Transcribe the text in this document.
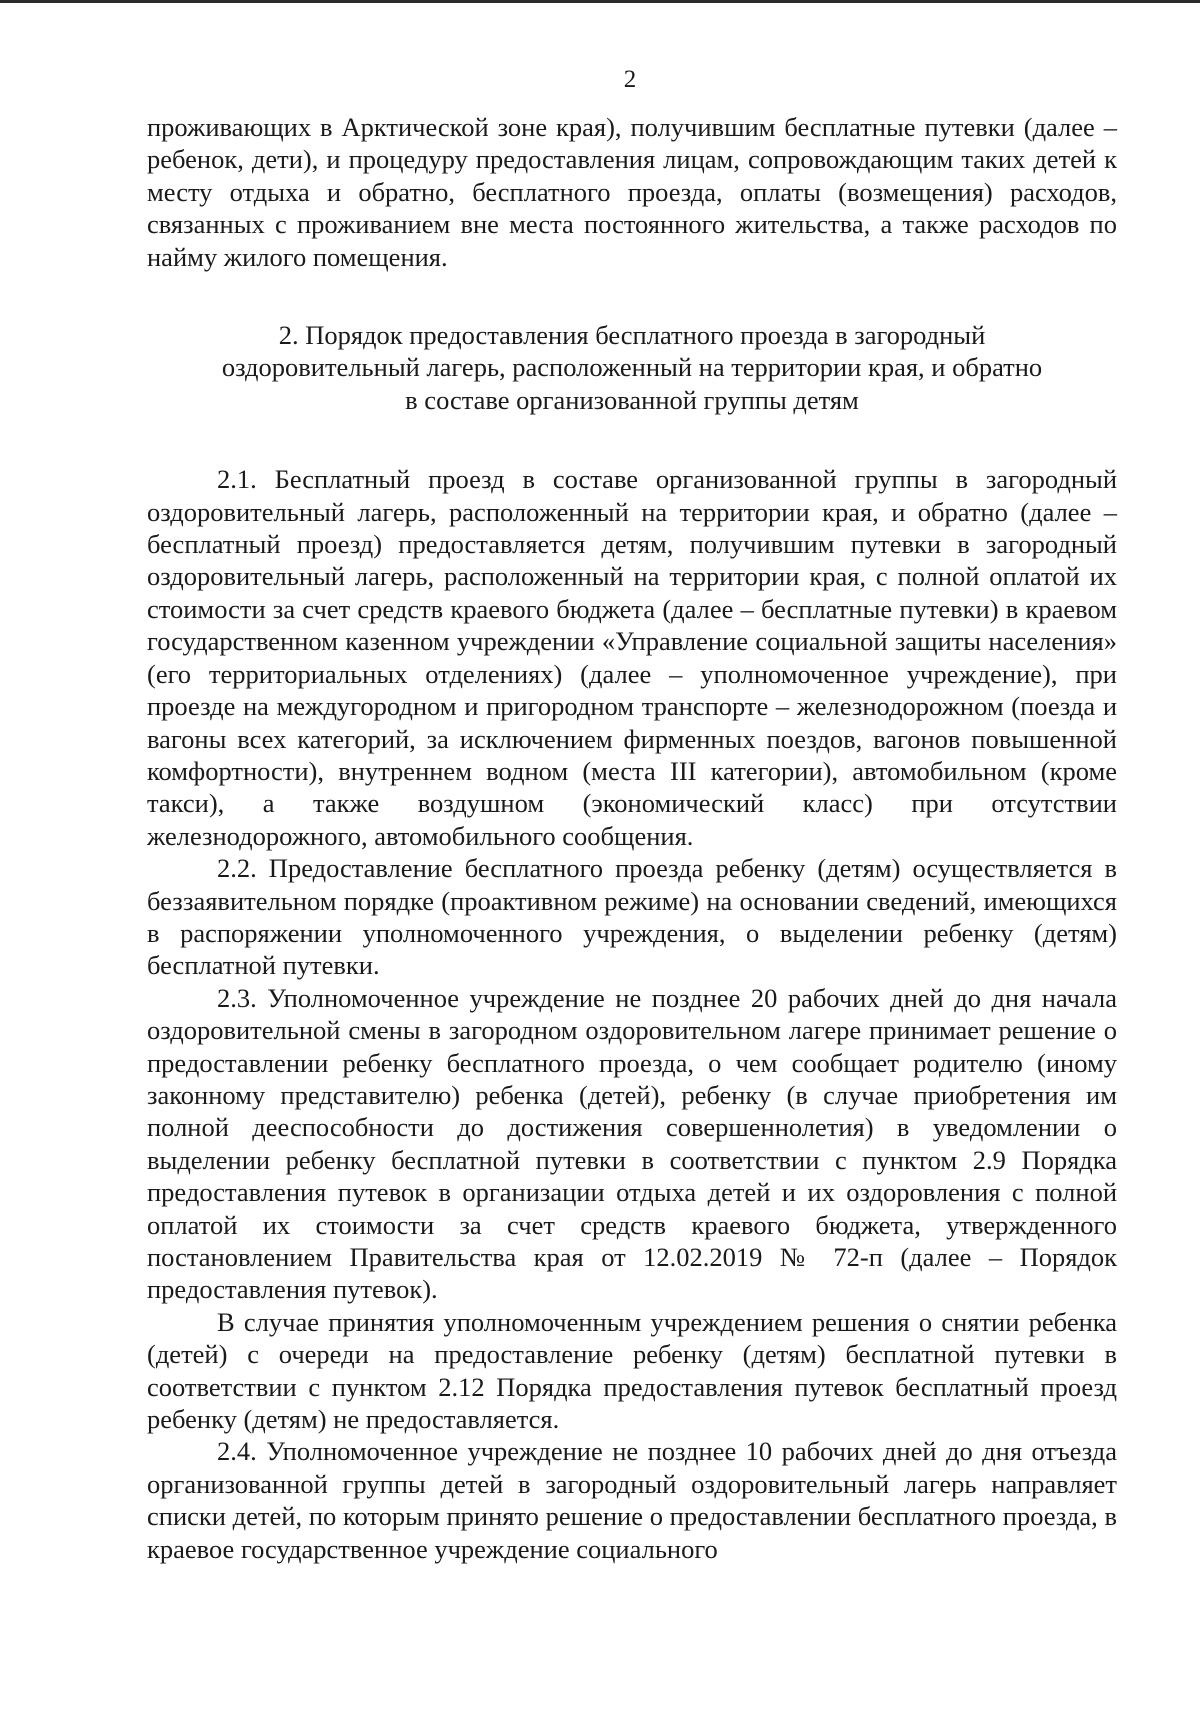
2

проживающих в Арктической зоне края), получившим бесплатные путевки (далее – ребенок, дети), и процедуру предоставления лицам, сопровождающим таких детей к месту отдыха и обратно, бесплатного проезда, оплаты (возмещения) расходов, связанных с проживанием вне места постоянного жительства, а также расходов по найму жилого помещения.

2. Порядок предоставления бесплатного проезда в загородный
оздоровительный лагерь, расположенный на территории края, и обратно
в составе организованной группы детям

2.1. Бесплатный проезд в составе организованной группы в загородный оздоровительный лагерь, расположенный на территории края, и обратно (далее – бесплатный проезд) предоставляется детям, получившим путевки в загородный оздоровительный лагерь, расположенный на территории края, с полной оплатой их стоимости за счет средств краевого бюджета (далее – бесплатные путевки) в краевом государственном казенном учреждении «Управление социальной защиты населения» (его территориальных отделениях) (далее – уполномоченное учреждение), при проезде на междугородном и пригородном транспорте – железнодорожном (поезда и вагоны всех категорий, за исключением фирменных поездов, вагонов повышенной комфортности), внутреннем водном (места III категории), автомобильном (кроме такси), а также воздушном (экономический класс) при отсутствии железнодорожного, автомобильного сообщения.

2.2. Предоставление бесплатного проезда ребенку (детям) осуществляется в беззаявительном порядке (проактивном режиме) на основании сведений, имеющихся в распоряжении уполномоченного учреждения, о выделении ребенку (детям) бесплатной путевки.

2.3. Уполномоченное учреждение не позднее 20 рабочих дней до дня начала оздоровительной смены в загородном оздоровительном лагере принимает решение о предоставлении ребенку бесплатного проезда, о чем сообщает родителю (иному законному представителю) ребенка (детей), ребенку (в случае приобретения им полной дееспособности до достижения совершеннолетия) в уведомлении о выделении ребенку бесплатной путевки в соответствии с пунктом 2.9 Порядка предоставления путевок в организации отдыха детей и их оздоровления с полной оплатой их стоимости за счет средств краевого бюджета, утвержденного постановлением Правительства края от 12.02.2019 № 72-п (далее – Порядок предоставления путевок).

В случае принятия уполномоченным учреждением решения о снятии ребенка (детей) с очереди на предоставление ребенку (детям) бесплатной путевки в соответствии с пунктом 2.12 Порядка предоставления путевок бесплатный проезд ребенку (детям) не предоставляется.

2.4. Уполномоченное учреждение не позднее 10 рабочих дней до дня отъезда организованной группы детей в загородный оздоровительный лагерь направляет списки детей, по которым принято решение о предоставлении бесплатного проезда, в краевое государственное учреждение социального
